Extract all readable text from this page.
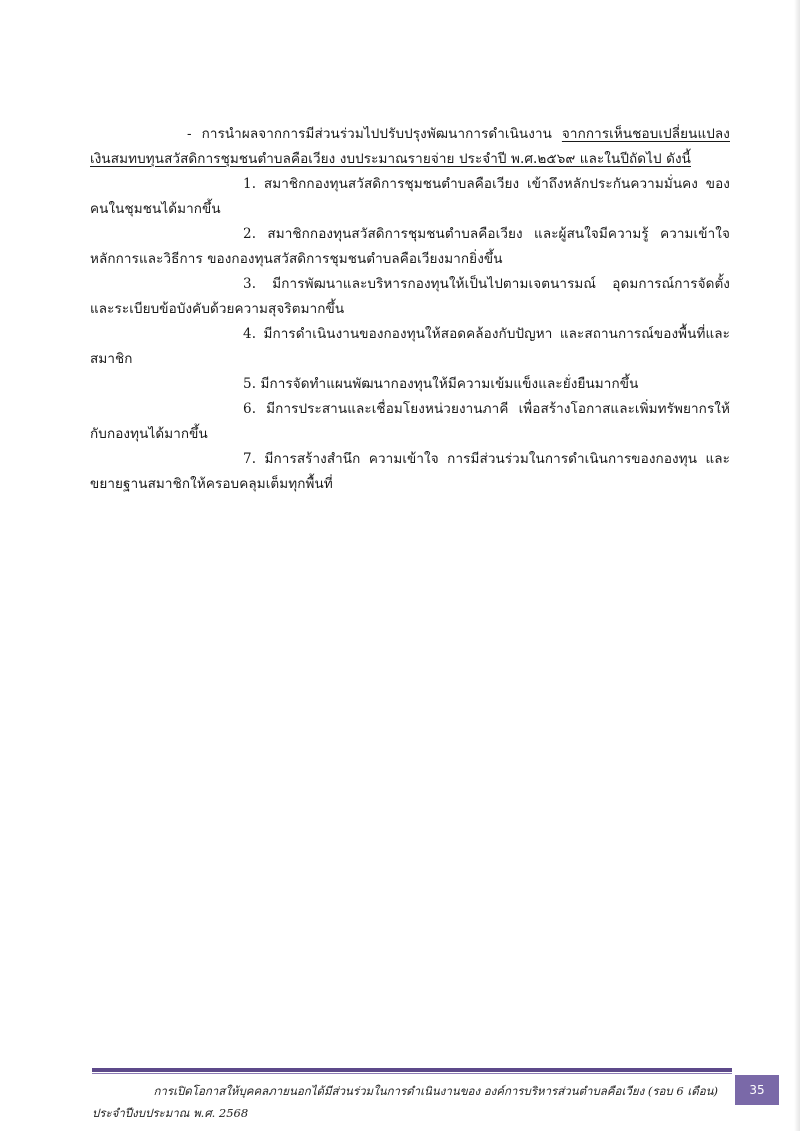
- การนำผลจากการมีส่วนร่วมไปปรับปรุงพัฒนาการดำเนินงาน จากการเห็นชอบเปลี่ยนแปลงเงินสมทบทุนสวัสดิการชุมชนตำบลคือเวียง งบประมาณรายจ่าย ประจำปี พ.ศ.๒๕๖๙ และในปีถัดไป ดังนี้

1. สมาชิกกองทุนสวัสดิการชุมชนตำบลคือเวียง เข้าถึงหลักประกันความมั่นคง ของคนในชุมชนได้มากขึ้น

2. สมาชิกกองทุนสวัสดิการชุมชนตำบลคือเวียง และผู้สนใจมีความรู้ ความเข้าใจ หลักการและวิธีการ ของกองทุนสวัสดิการชุมชนตำบลคือเวียงมากยิ่งขึ้น

3. มีการพัฒนาและบริหารกองทุนให้เป็นไปตามเจตนารมณ์ อุดมการณ์การจัดตั้ง และระเบียบข้อบังคับด้วยความสุจริตมากขึ้น

4. มีการดำเนินงานของกองทุนให้สอดคล้องกับปัญหา และสถานการณ์ของพื้นที่และสมาชิก

5. มีการจัดทำแผนพัฒนากองทุนให้มีความเข้มแข็งและยั่งยืนมากขึ้น

6. มีการประสานและเชื่อมโยงหน่วยงานภาคี เพื่อสร้างโอกาสและเพิ่มทรัพยากรให้กับกองทุนได้มากขึ้น

7. มีการสร้างสำนึก ความเข้าใจ การมีส่วนร่วมในการดำเนินการของกองทุน และขยายฐานสมาชิกให้ครอบคลุมเต็มทุกพื้นที่

การเปิดโอกาสให้บุคคลภายนอกได้มีส่วนร่วมในการดำเนินงานของ องค์การบริหารส่วนตำบลคือเวียง (รอบ 6 เดือน)
ประจำปีงบประมาณ พ.ศ. 2568
35
